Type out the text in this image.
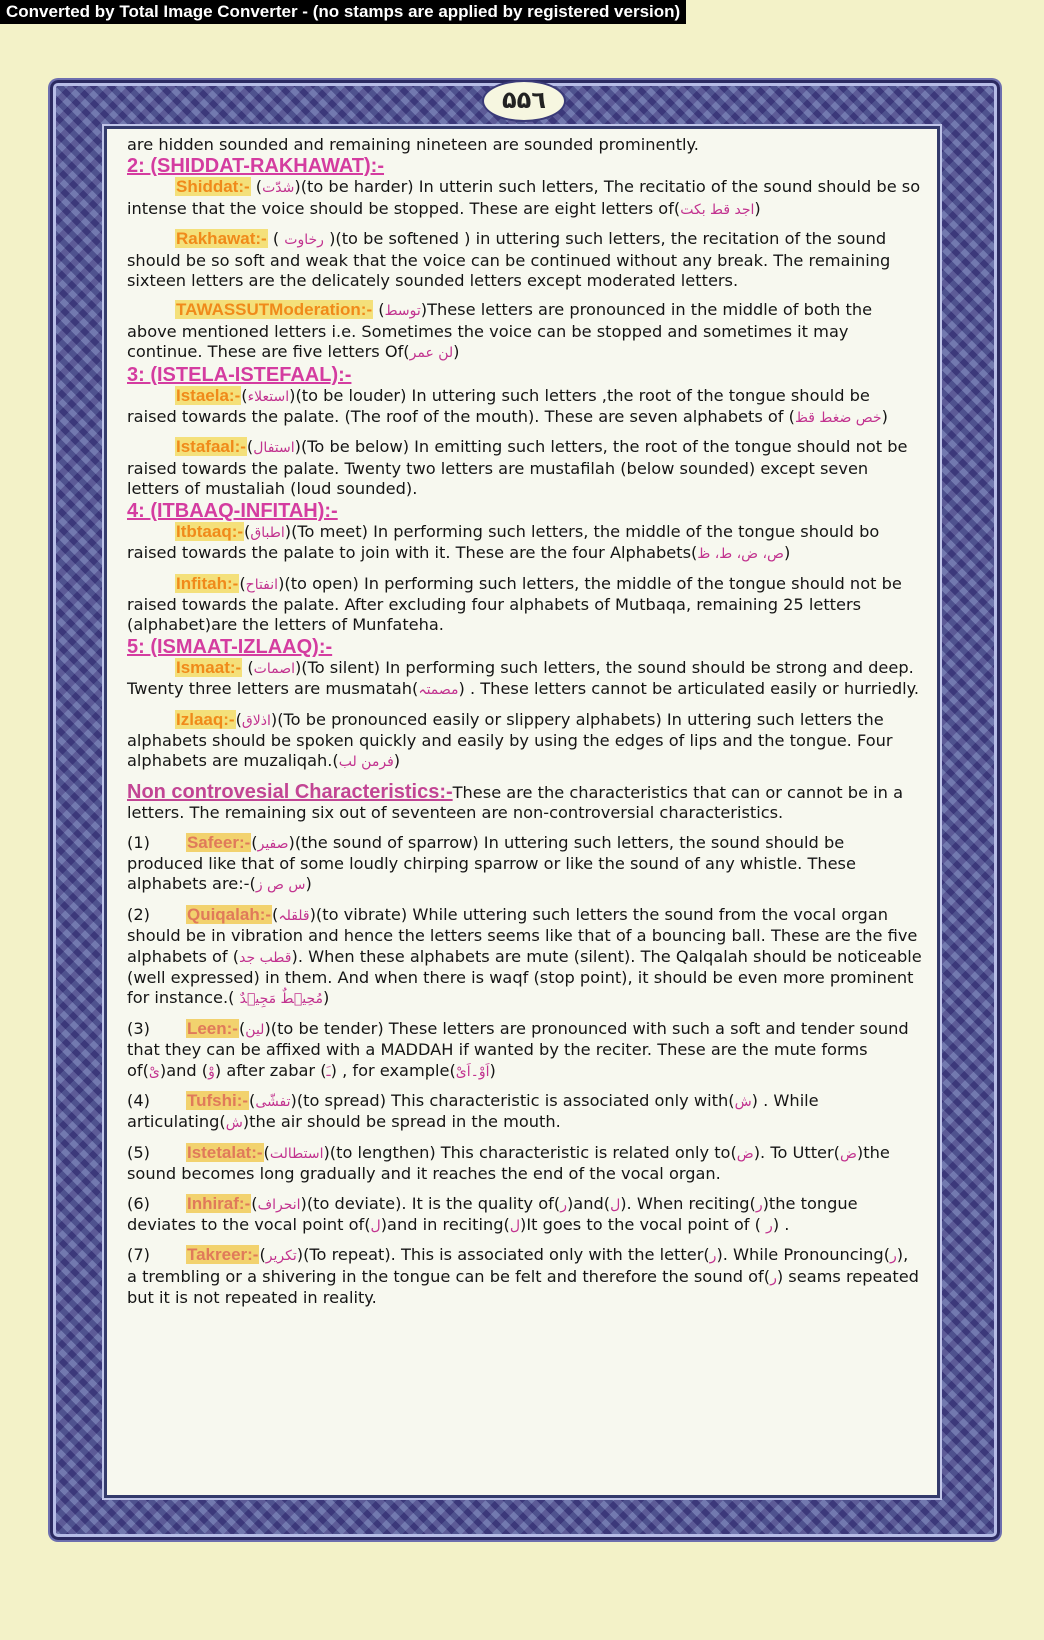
Converted by Total Image Converter - (no stamps are applied by registered version)
۵۵٦

are hidden sounded and remaining nineteen are sounded prominently.

2: (SHIDDAT-RAKHAWAT):-

Shiddat:- (شدّت)(to be harder) In utterin such letters, The recitatio of the sound should be so intense that the voice should be stopped. These are eight letters of(اجد قط بکت)

Rakhawat:- ( رخاوت )(to be softened ) in uttering such letters, the recitation of the sound should be so soft and weak that the voice can be continued without any break. The remaining sixteen letters are the delicately sounded letters except moderated letters.

TAWASSUTModeration:- (توسط)These letters are pronounced in the middle of both the above mentioned letters i.e. Sometimes the voice can be stopped and sometimes it may continue. These are five letters Of(لن عمر)

3: (ISTELA-ISTEFAAL):-

Istaela:-(استعلاء)(to be louder) In uttering such letters ,the root of the tongue should be raised towards the palate. (The roof of the mouth). These are seven alphabets of (خص ضغط قظ)

Istafaal:-(استفال)(To be below) In emitting such letters, the root of the tongue should not be raised towards the palate. Twenty two letters are mustafilah (below sounded) except seven letters of mustaliah (loud sounded).

4: (ITBAAQ-INFITAH):-

Itbtaaq:-(اطباق)(To meet) In performing such letters, the middle of the tongue should bo raised towards the palate to join with it. These are the four Alphabets(ص، ض، ط، ظ)

Infitah:-(انفتاح)(to open) In performing such letters, the middle of the tongue should not be raised towards the palate. After excluding four alphabets of Mutbaqa, remaining 25 letters (alphabet)are the letters of Munfateha.

5: (ISMAAT-IZLAAQ):-

Ismaat:- (اصمات)(To silent) In performing such letters, the sound should be strong and deep. Twenty three letters are musmatah(مصمتہ) . These letters cannot be articulated easily or hurriedly.

Izlaaq:-(اذلاق)(To be pronounced easily or slippery alphabets) In uttering such letters the alphabets should be spoken quickly and easily by using the edges of lips and the tongue. Four alphabets are muzaliqah.(فرمن لب)

Non controvesial Characteristics:-These are the characteristics that can or cannot be in a letters. The remaining six out of seventeen are non-controversial characteristics.

(1) Safeer:-(صفیر)(the sound of sparrow) In uttering such letters, the sound should be produced like that of some loudly chirping sparrow or like the sound of any whistle. These alphabets are:-(س ص ز)

(2) Quiqalah:-(قلقلہ)(to vibrate) While uttering such letters the sound from the vocal organ should be in vibration and hence the letters seems like that of a bouncing ball. These are the five alphabets of (قطب جد). When these alphabets are mute (silent). The Qalqalah should be noticeable (well expressed) in them. And when there is waqf (stop point), it should be even more prominent for instance.( مُحِیۡطٌ مَجِیۡدٌ)

(3) Leen:-(لین)(to be tender) These letters are pronounced with such a soft and tender sound that they can be affixed with a MADDAH if wanted by the reciter. These are the mute forms of(یْ)and (وْ) after zabar (ـَ) , for example(اَوْ۔اَیْ)

(4) Tufshi:-(تفشّی)(to spread) This characteristic is associated only with(ش) . While articulating(ش)the air should be spread in the mouth.

(5) Istetalat:-(استطالت)(to lengthen) This characteristic is related only to(ض). To Utter(ض)the sound becomes long gradually and it reaches the end of the vocal organ.

(6) Inhiraf:-(انحراف)(to deviate). It is the quality of(ر)and(ل). When reciting(ر)the tongue deviates to the vocal point of(ل)and in reciting(ل)It goes to the vocal point of ( ر) .

(7) Takreer:-(تکریر)(To repeat). This is associated only with the letter(ر). While Pronouncing(ر), a trembling or a shivering in the tongue can be felt and therefore the sound of(ر) seams repeated but it is not repeated in reality.
